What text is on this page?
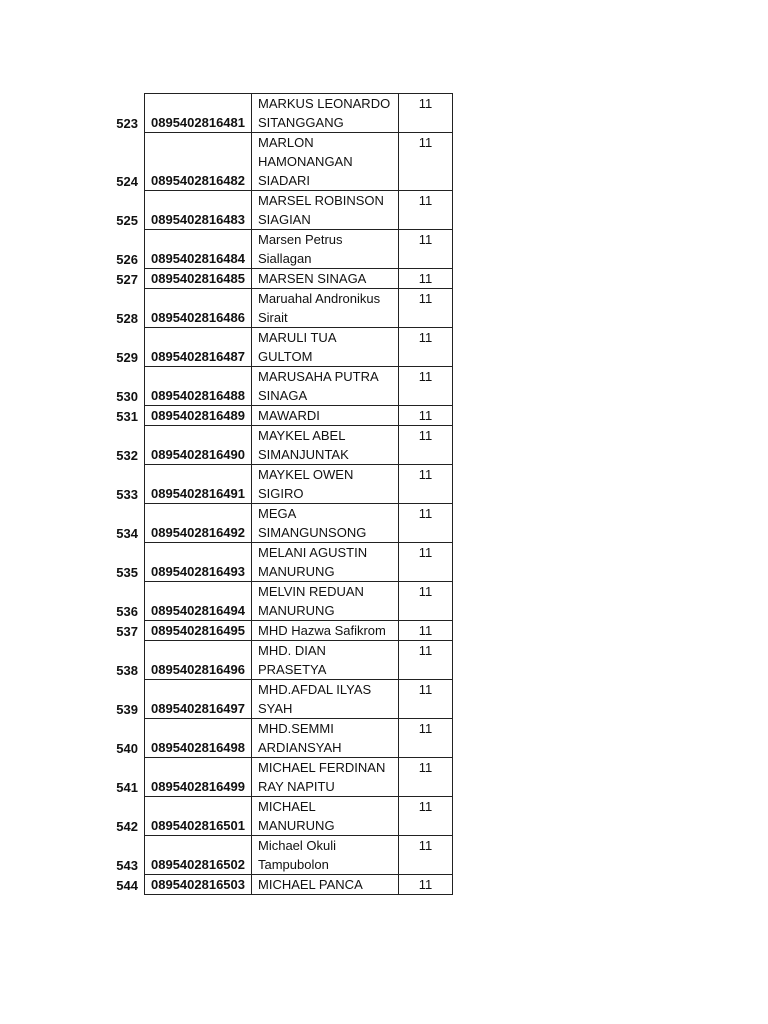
523	0895402816481	MARKUS LEONARDO SITANGGANG	11
524	0895402816482	MARLON HAMONANGAN SIADARI	11
525	0895402816483	MARSEL ROBINSON SIAGIAN	11
526	0895402816484	Marsen Petrus Siallagan	11
527	0895402816485	MARSEN SINAGA	11
528	0895402816486	Maruahal Andronikus Sirait	11
529	0895402816487	MARULI TUA GULTOM	11
530	0895402816488	MARUSAHA PUTRA SINAGA	11
531	0895402816489	MAWARDI	11
532	0895402816490	MAYKEL ABEL SIMANJUNTAK	11
533	0895402816491	MAYKEL OWEN SIGIRO	11
534	0895402816492	MEGA SIMANGUNSONG	11
535	0895402816493	MELANI AGUSTIN MANURUNG	11
536	0895402816494	MELVIN REDUAN MANURUNG	11
537	0895402816495	MHD Hazwa Safikrom	11
538	0895402816496	MHD. DIAN PRASETYA	11
539	0895402816497	MHD.AFDAL ILYAS SYAH	11
540	0895402816498	MHD.SEMMI ARDIANSYAH	11
541	0895402816499	MICHAEL FERDINAN RAY NAPITU	11
542	0895402816501	MICHAEL MANURUNG	11
543	0895402816502	Michael Okuli Tampubolon	11
544	0895402816503	MICHAEL PANCA	11
